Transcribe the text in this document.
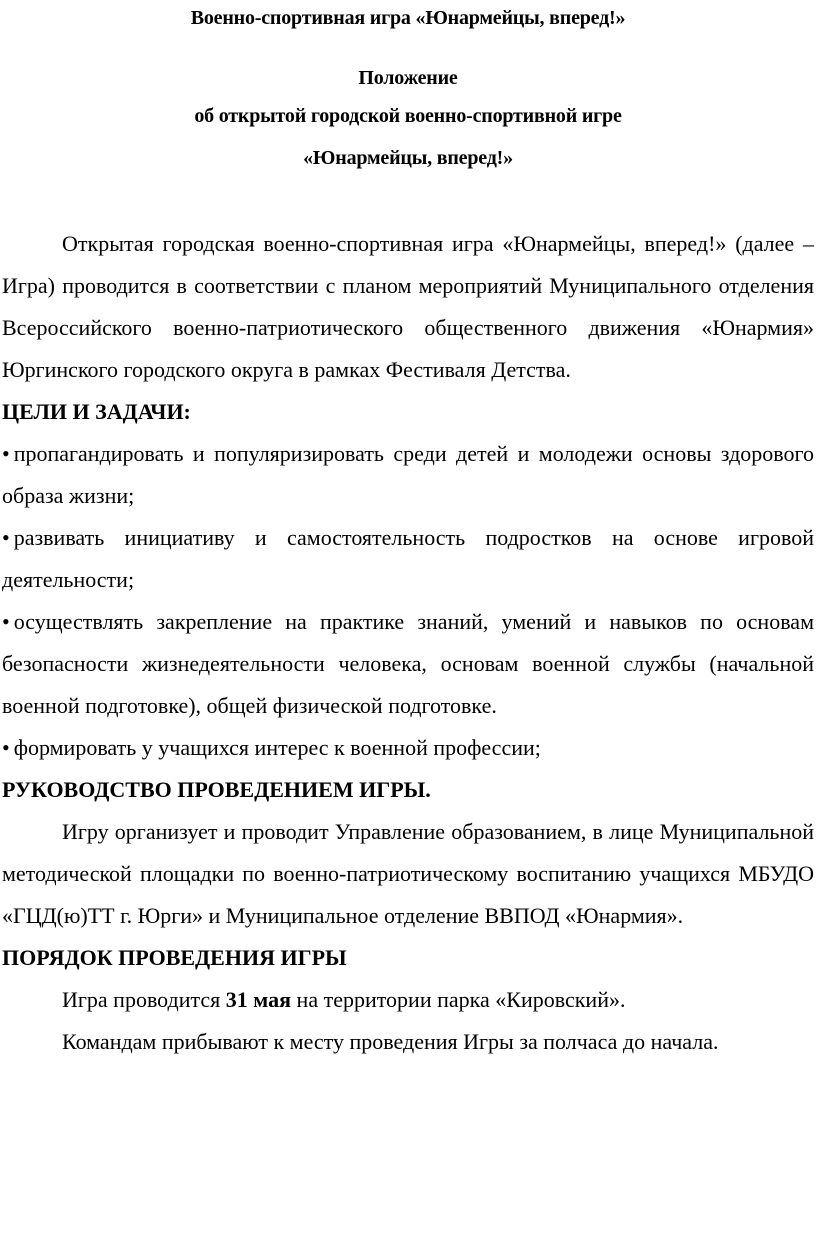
Военно-спортивная игра «Юнармейцы, вперед!»
Положение
об открытой городской военно-спортивной игре
«Юнармейцы, вперед!»

Открытая городская военно-спортивная игра «Юнармейцы, вперед!» (далее – Игра) проводится в соответствии с планом мероприятий Муниципального отделения Всероссийского военно-патриотического общественного движения «Юнармия» Юргинского городского округа в рамках Фестиваля Детства.

ЦЕЛИ И ЗАДАЧИ:

• пропагандировать и популяризировать среди детей и молодежи основы здорового образа жизни;

• развивать инициативу и самостоятельность подростков на основе игровой деятельности;

• осуществлять закрепление на практике знаний, умений и навыков по основам безопасности жизнедеятельности человека, основам военной службы (начальной военной подготовке), общей физической подготовке.

• формировать у учащихся интерес к военной профессии;

РУКОВОДСТВО ПРОВЕДЕНИЕМ ИГРЫ.

Игру организует и проводит Управление образованием, в лице Муниципальной методической площадки по военно-патриотическому воспитанию учащихся МБУДО «ГЦД(ю)ТТ г. Юрги» и Муниципальное отделение ВВПОД «Юнармия».

ПОРЯДОК ПРОВЕДЕНИЯ ИГРЫ

Игра проводится 31 мая на территории парка «Кировский».

Командам прибывают к месту проведения Игры за полчаса до начала.
